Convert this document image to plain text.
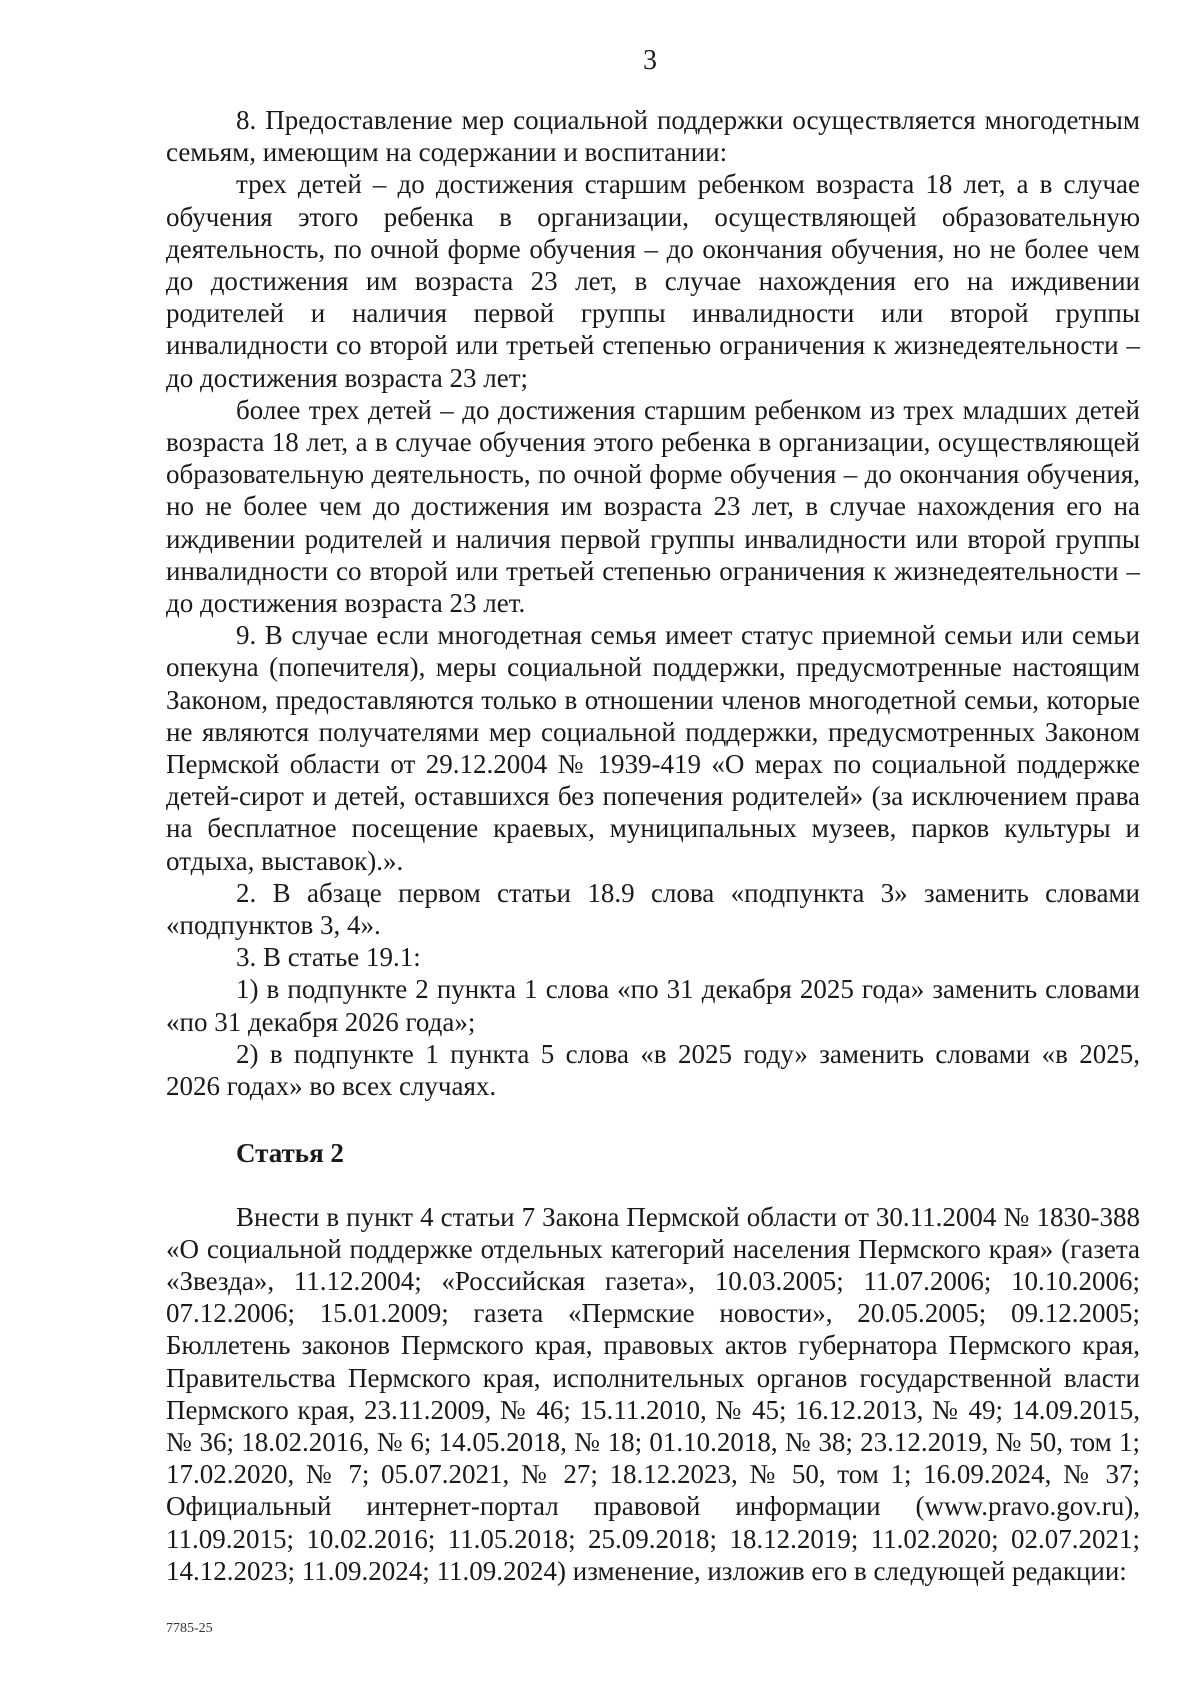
3

8. Предоставление мер социальной поддержки осуществляется многодетным семьям, имеющим на содержании и воспитании:

трех детей – до достижения старшим ребенком возраста 18 лет, а в случае обучения этого ребенка в организации, осуществляющей образовательную деятельность, по очной форме обучения – до окончания обучения, но не более чем до достижения им возраста 23 лет, в случае нахождения его на иждивении родителей и наличия первой группы инвалидности или второй группы инвалидности со второй или третьей степенью ограничения к жизнедеятельности – до достижения возраста 23 лет;

более трех детей – до достижения старшим ребенком из трех младших детей возраста 18 лет, а в случае обучения этого ребенка в организации, осуществляющей образовательную деятельность, по очной форме обучения – до окончания обучения, но не более чем до достижения им возраста 23 лет, в случае нахождения его на иждивении родителей и наличия первой группы инвалидности или второй группы инвалидности со второй или третьей степенью ограничения к жизнедеятельности – до достижения возраста 23 лет.

9. В случае если многодетная семья имеет статус приемной семьи или семьи опекуна (попечителя), меры социальной поддержки, предусмотренные настоящим Законом, предоставляются только в отношении членов многодетной семьи, которые не являются получателями мер социальной поддержки, предусмотренных Законом Пермской области от 29.12.2004 № 1939-419 «О мерах по социальной поддержке детей-сирот и детей, оставшихся без попечения родителей» (за исключением права на бесплатное посещение краевых, муниципальных музеев, парков культуры и отдыха, выставок).».

2. В абзаце первом статьи 18.9 слова «подпункта 3» заменить словами «подпунктов 3, 4».

3. В статье 19.1:

1) в подпункте 2 пункта 1 слова «по 31 декабря 2025 года» заменить словами «по 31 декабря 2026 года»;

2) в подпункте 1 пункта 5 слова «в 2025 году» заменить словами «в 2025, 2026 годах» во всех случаях.

Статья 2

Внести в пункт 4 статьи 7 Закона Пермской области от 30.11.2004 № 1830-388 «О социальной поддержке отдельных категорий населения Пермского края» (газета «Звезда», 11.12.2004; «Российская газета», 10.03.2005; 11.07.2006; 10.10.2006; 07.12.2006; 15.01.2009; газета «Пермские новости», 20.05.2005; 09.12.2005; Бюллетень законов Пермского края, правовых актов губернатора Пермского края, Правительства Пермского края, исполнительных органов государственной власти Пермского края, 23.11.2009, № 46; 15.11.2010, № 45; 16.12.2013, № 49; 14.09.2015, № 36; 18.02.2016, № 6; 14.05.2018, № 18; 01.10.2018, № 38; 23.12.2019, № 50, том 1; 17.02.2020, № 7; 05.07.2021, № 27; 18.12.2023, № 50, том 1; 16.09.2024, № 37; Официальный интернет-портал правовой информации (www.pravo.gov.ru), 11.09.2015; 10.02.2016; 11.05.2018; 25.09.2018; 18.12.2019; 11.02.2020; 02.07.2021; 14.12.2023; 11.09.2024; 11.09.2024) изменение, изложив его в следующей редакции:

7785-25
